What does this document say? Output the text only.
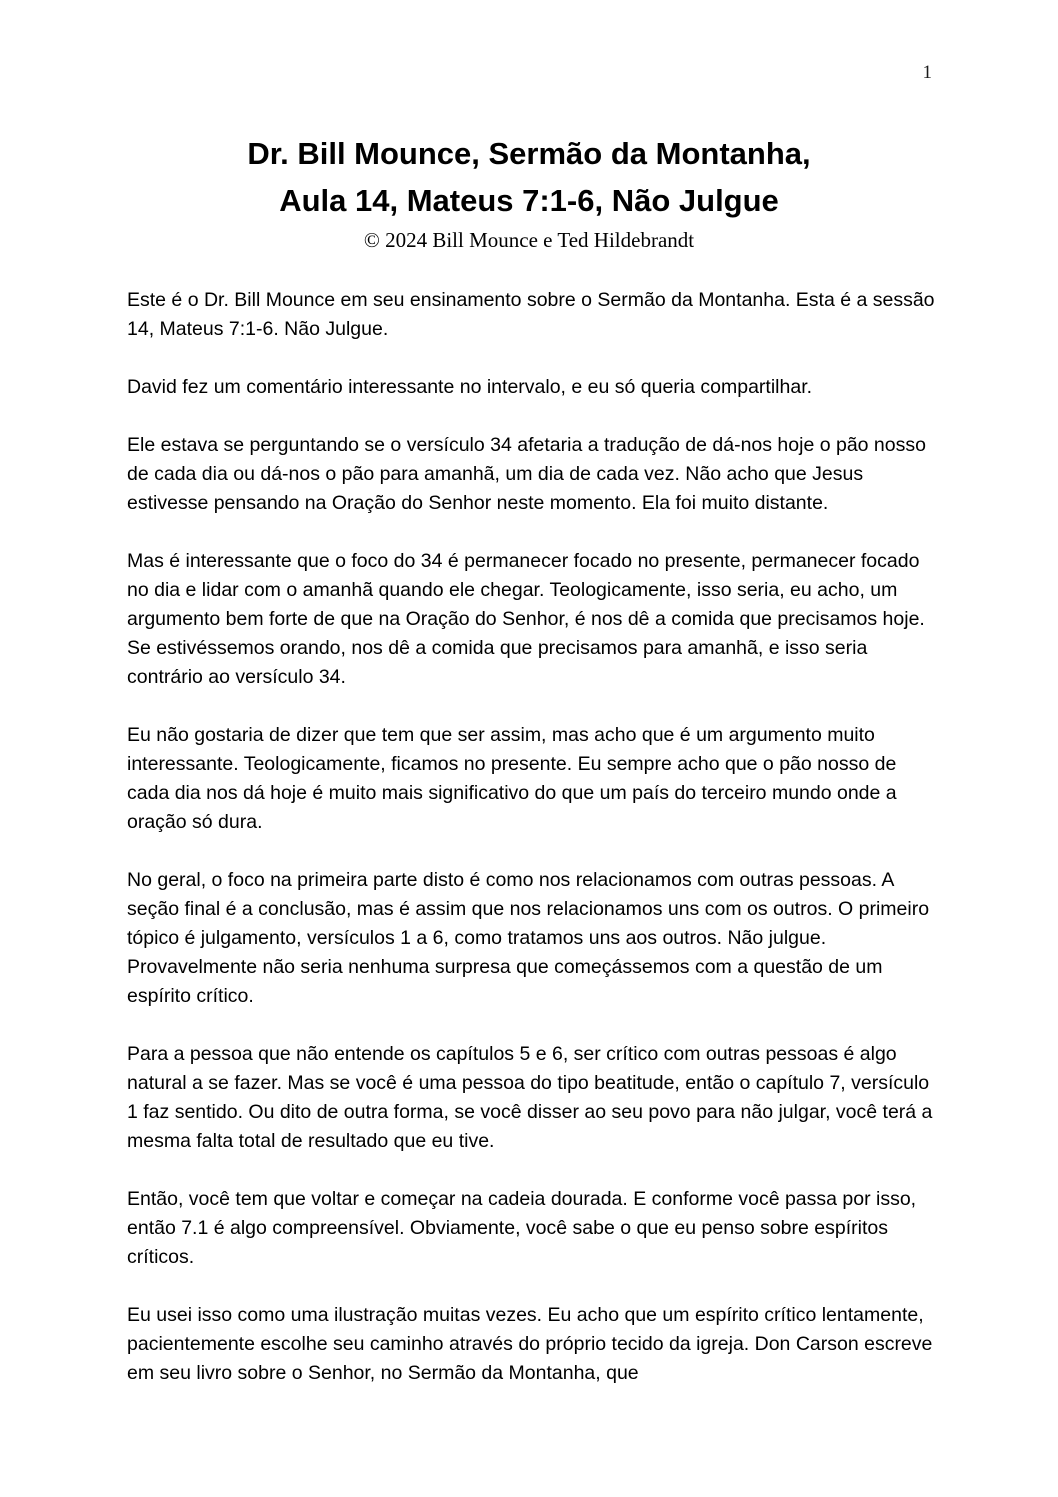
1
Dr. Bill Mounce, Sermão da Montanha,
Aula 14, Mateus 7:1-6, Não Julgue
© 2024 Bill Mounce e Ted Hildebrandt

Este é o Dr. Bill Mounce em seu ensinamento sobre o Sermão da Montanha. Esta é a sessão 14, Mateus 7:1-6. Não Julgue.

David fez um comentário interessante no intervalo, e eu só queria compartilhar.

Ele estava se perguntando se o versículo 34 afetaria a tradução de dá-nos hoje o pão nosso de cada dia ou dá-nos o pão para amanhã, um dia de cada vez. Não acho que Jesus estivesse pensando na Oração do Senhor neste momento. Ela foi muito distante.

Mas é interessante que o foco do 34 é permanecer focado no presente, permanecer focado no dia e lidar com o amanhã quando ele chegar. Teologicamente, isso seria, eu acho, um argumento bem forte de que na Oração do Senhor, é nos dê a comida que precisamos hoje. Se estivéssemos orando, nos dê a comida que precisamos para amanhã, e isso seria contrário ao versículo 34.

Eu não gostaria de dizer que tem que ser assim, mas acho que é um argumento muito interessante. Teologicamente, ficamos no presente. Eu sempre acho que o pão nosso de cada dia nos dá hoje é muito mais significativo do que um país do terceiro mundo onde a oração só dura.

No geral, o foco na primeira parte disto é como nos relacionamos com outras pessoas. A seção final é a conclusão, mas é assim que nos relacionamos uns com os outros. O primeiro tópico é julgamento, versículos 1 a 6, como tratamos uns aos outros. Não julgue. Provavelmente não seria nenhuma surpresa que começássemos com a questão de um espírito crítico.

Para a pessoa que não entende os capítulos 5 e 6, ser crítico com outras pessoas é algo natural a se fazer. Mas se você é uma pessoa do tipo beatitude, então o capítulo 7, versículo 1 faz sentido. Ou dito de outra forma, se você disser ao seu povo para não julgar, você terá a mesma falta total de resultado que eu tive.

Então, você tem que voltar e começar na cadeia dourada. E conforme você passa por isso, então 7.1 é algo compreensível. Obviamente, você sabe o que eu penso sobre espíritos críticos.

Eu usei isso como uma ilustração muitas vezes. Eu acho que um espírito crítico lentamente, pacientemente escolhe seu caminho através do próprio tecido da igreja. Don Carson escreve em seu livro sobre o Senhor, no Sermão da Montanha, que
